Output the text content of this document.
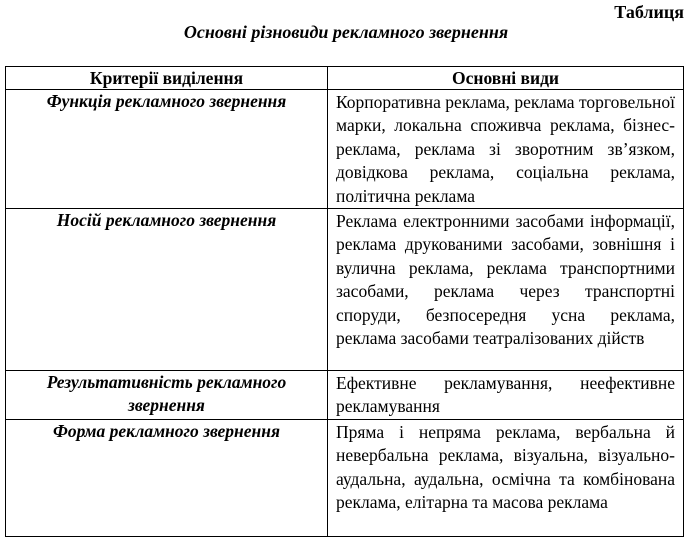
Таблиця
Основні різновиди рекламного звернення
Критерії виділення	Основні види
Функція рекламного звернення	Корпоративна реклама, реклама торговельної марки, локальна споживча реклама, бізнес-реклама, реклама зі зворотним зв’язком, довідкова реклама, соціальна реклама, політична реклама
Носій рекламного звернення	Реклама електронними засобами інформації, реклама друкованими засобами, зовнішня і вулична реклама, реклама транспортними засобами, реклама через транспортні споруди, безпосередня усна реклама, реклама засобами театралізованих дійств
Результативність рекламного звернення	Ефективне рекламування, неефективне рекламування
Форма рекламного звернення	Пряма і непряма реклама, вербальна й невербальна реклама, візуальна, візуально-аудальна, аудальна, осмічна та комбінована реклама, елітарна та масова реклама
